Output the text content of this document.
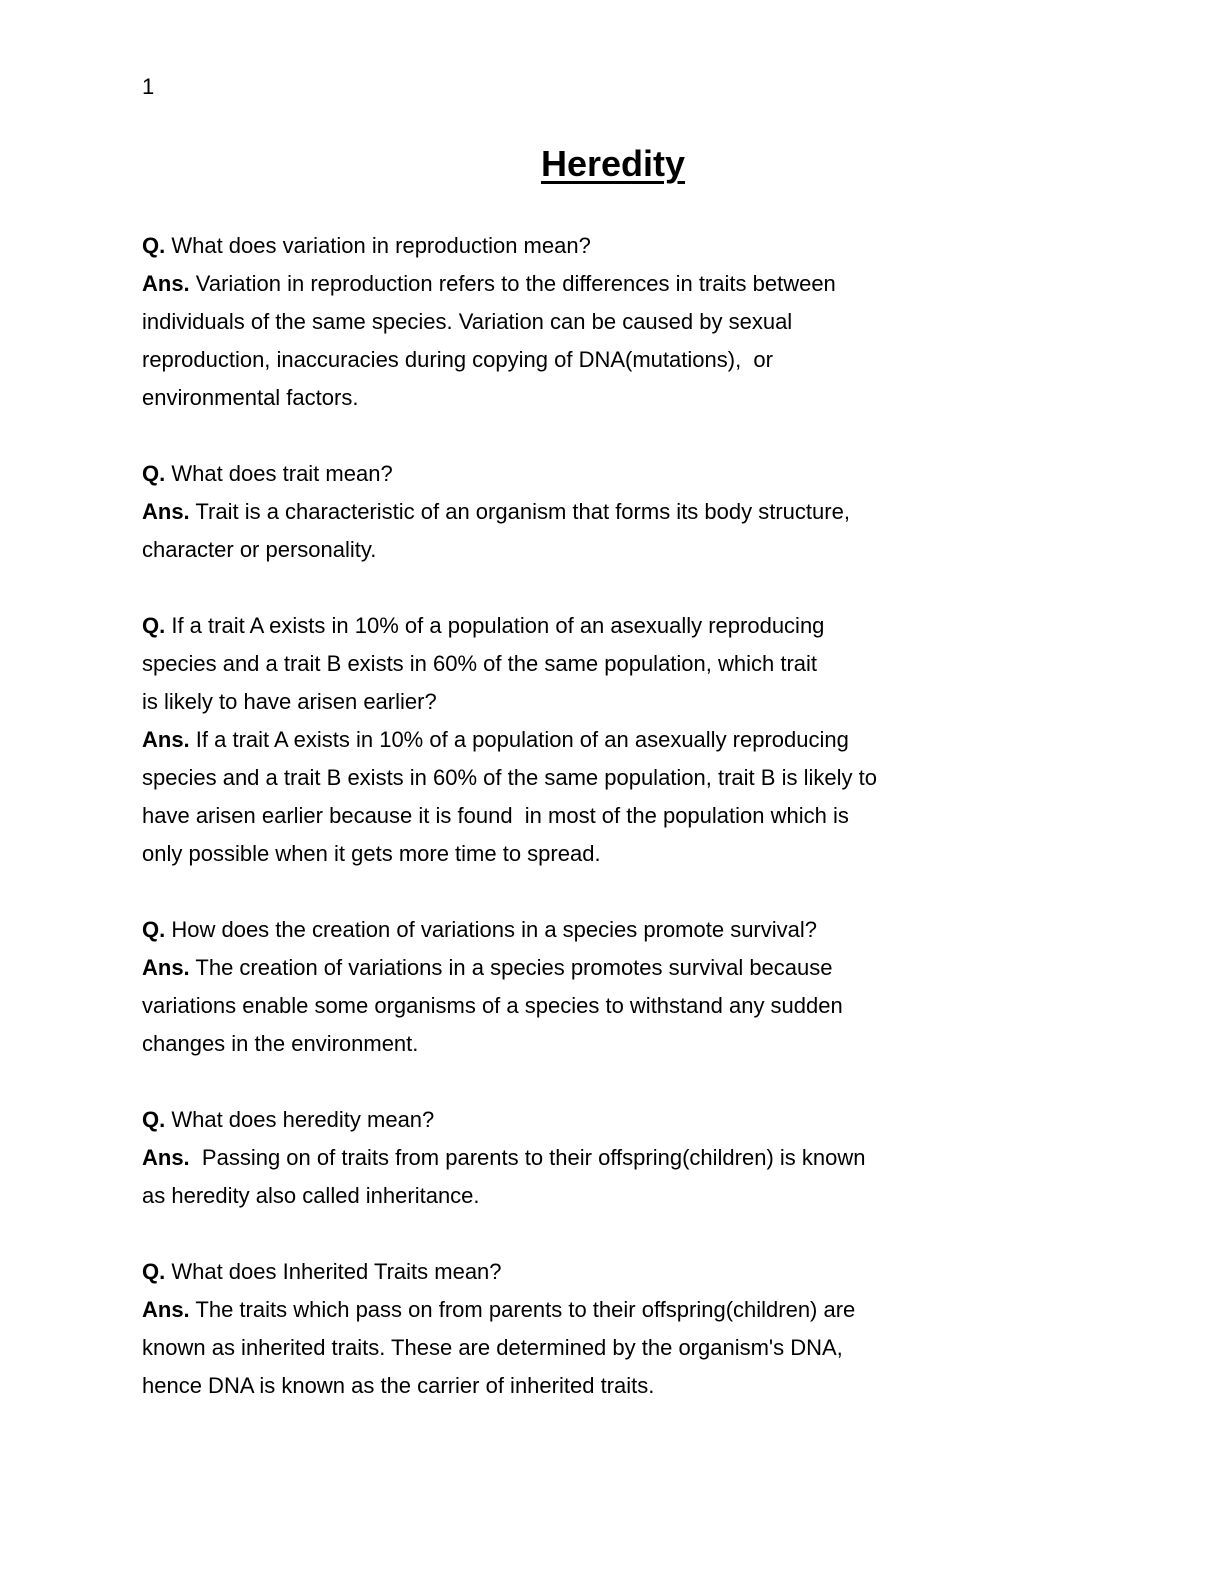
1
Heredity
Q. What does variation in reproduction mean?
Ans. Variation in reproduction refers to the differences in traits between
individuals of the same species. Variation can be caused by sexual
reproduction, inaccuracies during copying of DNA(mutations),  or
environmental factors.
Q. What does trait mean?
Ans. Trait is a characteristic of an organism that forms its body structure,
character or personality.
Q. If a trait A exists in 10% of a population of an asexually reproducing
species and a trait B exists in 60% of the same population, which trait
is likely to have arisen earlier?
Ans. If a trait A exists in 10% of a population of an asexually reproducing
species and a trait B exists in 60% of the same population, trait B is likely to
have arisen earlier because it is found  in most of the population which is
only possible when it gets more time to spread.
Q. How does the creation of variations in a species promote survival?
Ans. The creation of variations in a species promotes survival because
variations enable some organisms of a species to withstand any sudden
changes in the environment.
Q. What does heredity mean?
Ans.  Passing on of traits from parents to their offspring(children) is known
as heredity also called inheritance.
Q. What does Inherited Traits mean?
Ans. The traits which pass on from parents to their offspring(children) are
known as inherited traits. These are determined by the organism's DNA,
hence DNA is known as the carrier of inherited traits.
